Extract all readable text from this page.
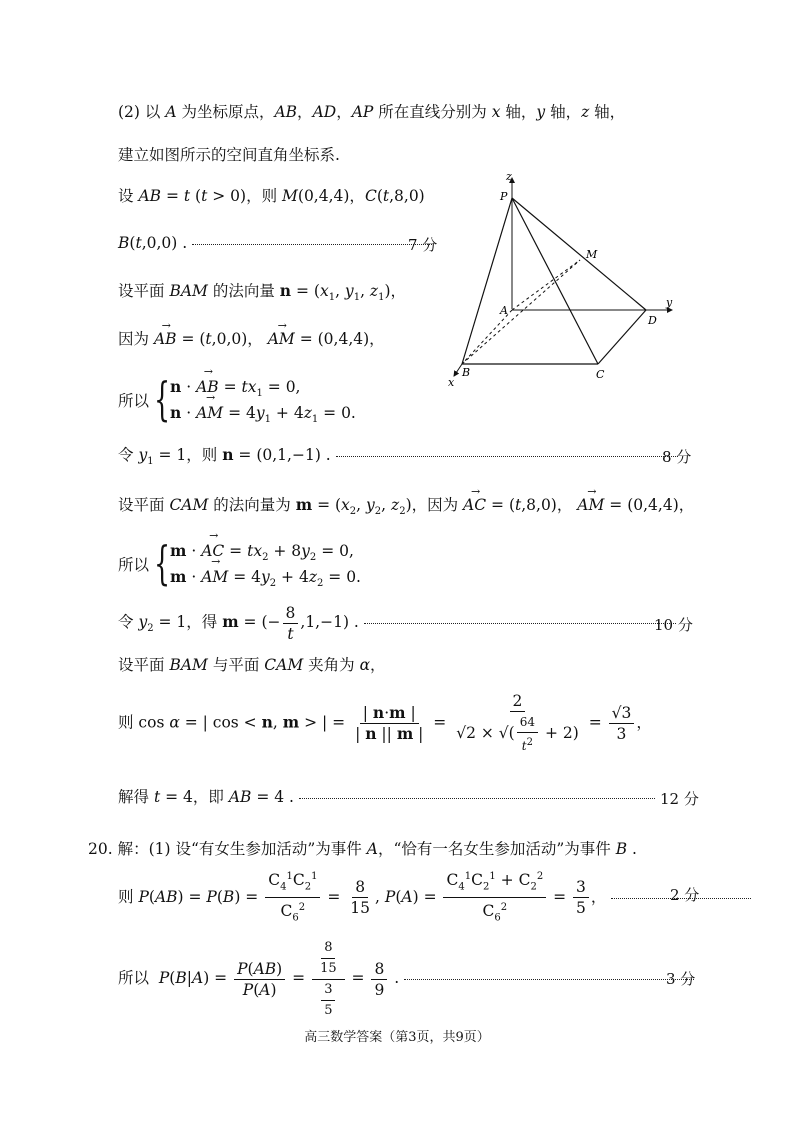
(2) 以 A 为坐标原点，AB，AD，AP 所在直线分别为 x 轴，y 轴，z 轴，
建立如图所示的空间直角坐标系.
设 AB = t (t > 0)，则 M(0,4,4)，C(t,8,0)
B(t,0,0) .	7 分
设平面 BAM 的法向量 $n = (x_1$, $y_1$, $z_1$)，
因为 → AB = (t,0,0)， → AM = (0,4,4)，
所以 { n · → AB = $tx_1 = 0$,
n · → AM = $4y_1 + 4z_1 = 0$.
令 $y_1 = 1$，则 n = (0,1,−1) .	8 分
设平面 CAM 的法向量为 $m = (x_2$, $y_2$, $z_2$)，因为 → AC = (t,8,0)， → AM = (0,4,4)，
所以 { m · → AC = $tx_2 + 8y_2 = 0$,
m · → AM = $4y_2 + 4z_2 = 0$.
令 $y_2 = 1$，得 m = (− $\frac{8}{t} ,1,-1$) .	10 分
设平面 BAM 与平面 CAM 夹角为 α，
则 cos α = | cos < n, m > | = $\frac{| n\cdot m |}{| n || m |} = \frac{2}{√2 \times √( \frac{64}{t^2} + 2)} = \frac{√3}{3}$ ，
解得 t = 4，即 AB = 4 .	12 分
20. 解：(1) 设“有女生参加活动”为事件 A，“恰有一名女生参加活动”为事件 B .
则 $P(AB) = P(B) = \frac{C_4^1C_2^1}{C_6^2} = \frac{8}{15}$ , $P(A) = \frac{C_4^1C_2^1 + C_2^2}{C_6^2} = \frac{3}{5}$ ，	2 分
所以  $P(B|A) = \frac{P(AB)}{P(A)} = \frac{\frac{8}{15}}{\frac{3}{5}} = \frac{8}{9}$ .	3 分
z
P
M
A
y
D
B	C
x
高三数学答案（第3页，共9页）
